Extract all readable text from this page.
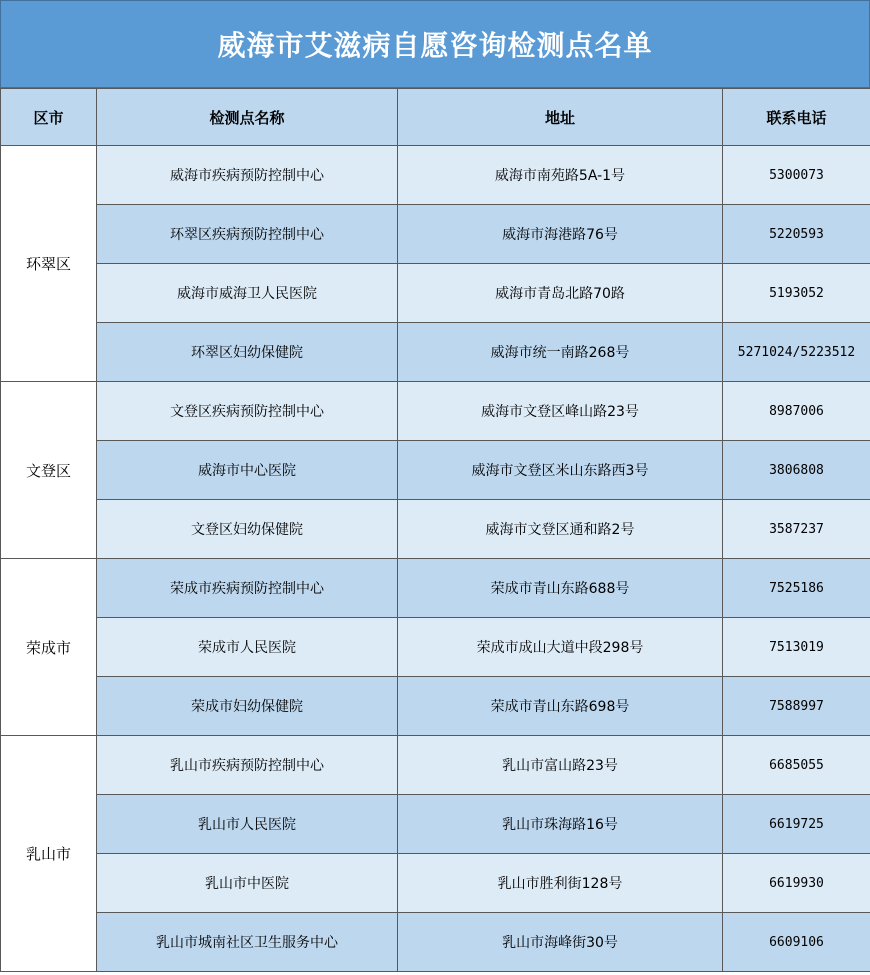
威海市艾滋病自愿咨询检测点名单
区市	检测点名称	地址	联系电话
环翠区	威海市疾病预防控制中心	威海市南苑路5A-1号	5300073
	环翠区疾病预防控制中心	威海市海港路76号	5220593
	威海市威海卫人民医院	威海市青岛北路70路	5193052
	环翠区妇幼保健院	威海市统一南路268号	5271024/5223512
文登区	文登区疾病预防控制中心	威海市文登区峰山路23号	8987006
	威海市中心医院	威海市文登区米山东路西3号	3806808
	文登区妇幼保健院	威海市文登区通和路2号	3587237
荣成市	荣成市疾病预防控制中心	荣成市青山东路688号	7525186
	荣成市人民医院	荣成市成山大道中段298号	7513019
	荣成市妇幼保健院	荣成市青山东路698号	7588997
乳山市	乳山市疾病预防控制中心	乳山市富山路23号	6685055
	乳山市人民医院	乳山市珠海路16号	6619725
	乳山市中医院	乳山市胜利街128号	6619930
	乳山市城南社区卫生服务中心	乳山市海峰街30号	6609106
